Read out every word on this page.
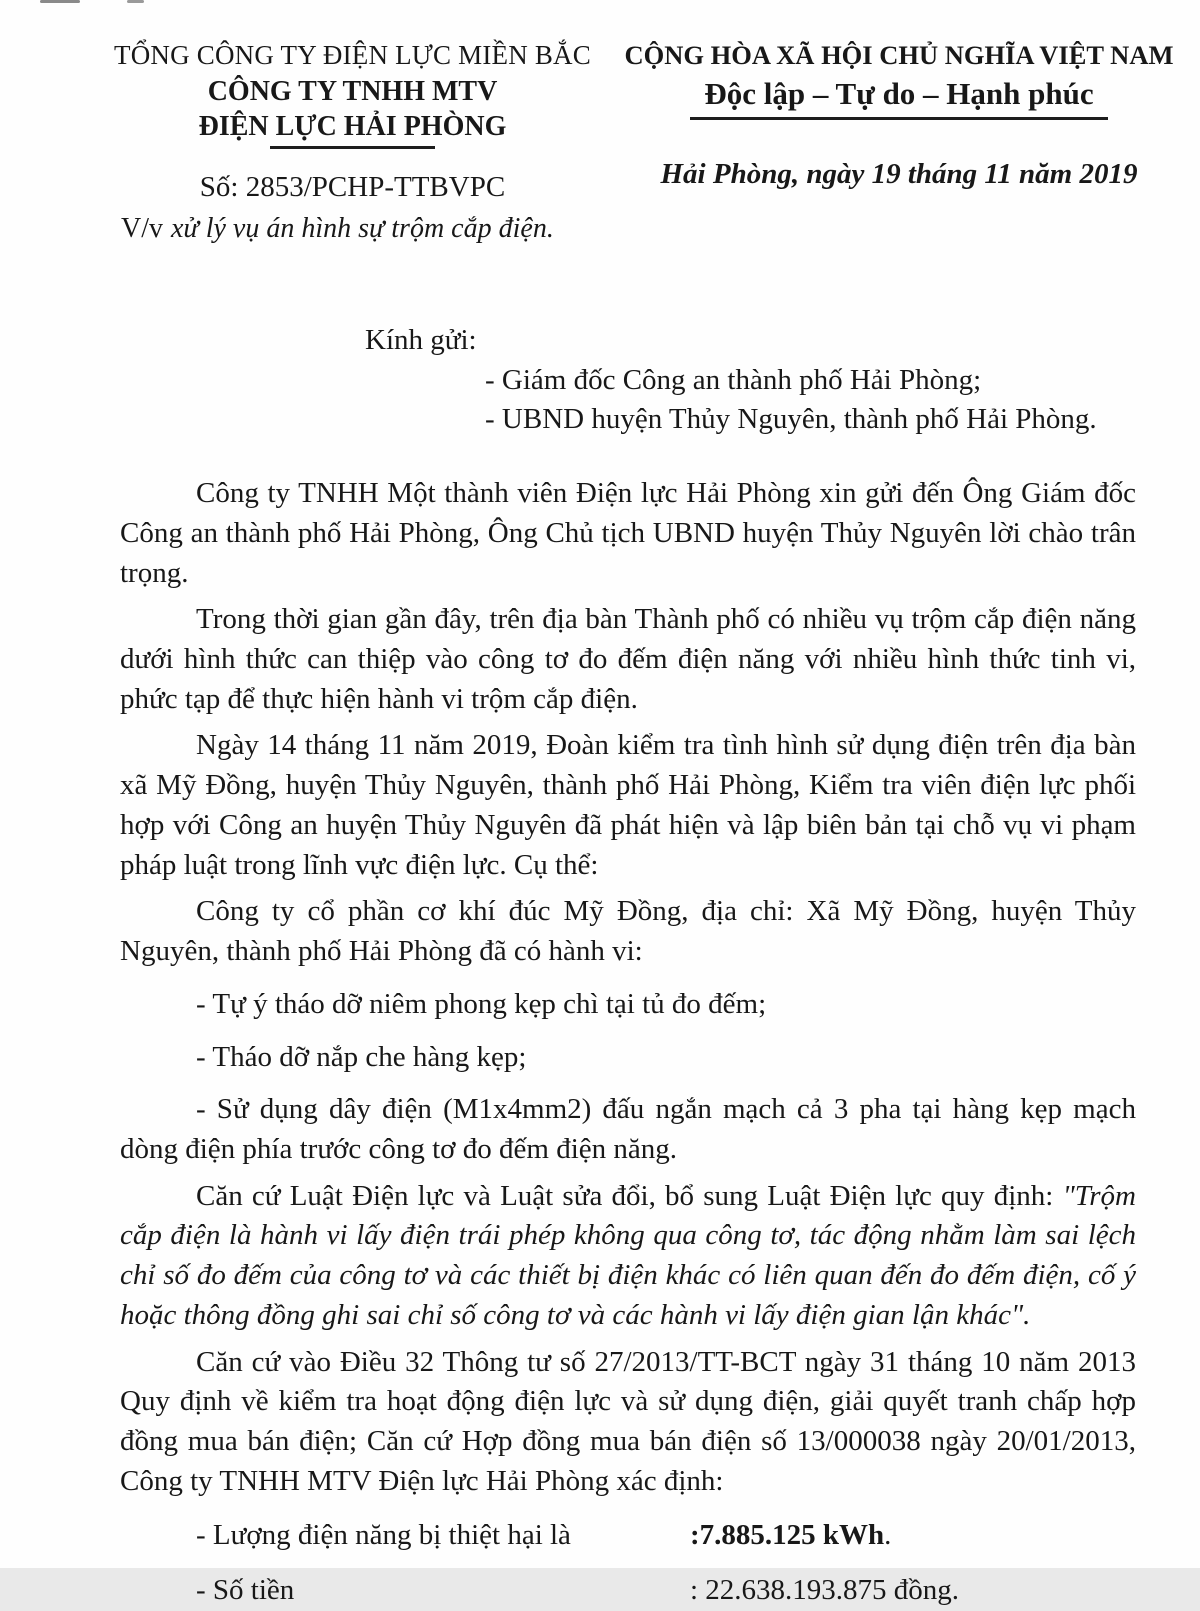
TỔNG CÔNG TY ĐIỆN LỰC MIỀN BẮC
CÔNG TY TNHH MTV
ĐIỆN LỰC HẢI PHÒNG
Số: 2853/PCHP-TTBVPC
V/v xử lý vụ án hình sự trộm cắp điện.
CỘNG HÒA XÃ HỘI CHỦ NGHĨA VIỆT NAM
Độc lập – Tự do – Hạnh phúc
Hải Phòng, ngày 19 tháng 11 năm 2019

Kính gửi:

- Giám đốc Công an thành phố Hải Phòng;

- UBND huyện Thủy Nguyên, thành phố Hải Phòng.

Công ty TNHH Một thành viên Điện lực Hải Phòng xin gửi đến Ông Giám đốc Công an thành phố Hải Phòng, Ông Chủ tịch UBND huyện Thủy Nguyên lời chào trân trọng.

Trong thời gian gần đây, trên địa bàn Thành phố có nhiều vụ trộm cắp điện năng dưới hình thức can thiệp vào công tơ đo đếm điện năng với nhiều hình thức tinh vi, phức tạp để thực hiện hành vi trộm cắp điện.

Ngày 14 tháng 11 năm 2019, Đoàn kiểm tra tình hình sử dụng điện trên địa bàn xã Mỹ Đồng, huyện Thủy Nguyên, thành phố Hải Phòng, Kiểm tra viên điện lực phối hợp với Công an huyện Thủy Nguyên đã phát hiện và lập biên bản tại chỗ vụ vi phạm pháp luật trong lĩnh vực điện lực. Cụ thể:

Công ty cổ phần cơ khí đúc Mỹ Đồng, địa chỉ: Xã Mỹ Đồng, huyện Thủy Nguyên, thành phố Hải Phòng đã có hành vi:

- Tự ý tháo dỡ niêm phong kẹp chì tại tủ đo đếm;

- Tháo dỡ nắp che hàng kẹp;

- Sử dụng dây điện (M1x4mm2) đấu ngắn mạch cả 3 pha tại hàng kẹp mạch dòng điện phía trước công tơ đo đếm điện năng.

Căn cứ Luật Điện lực và Luật sửa đổi, bổ sung Luật Điện lực quy định: "Trộm cắp điện là hành vi lấy điện trái phép không qua công tơ, tác động nhằm làm sai lệch chỉ số đo đếm của công tơ và các thiết bị điện khác có liên quan đến đo đếm điện, cố ý hoặc thông đồng ghi sai chỉ số công tơ và các hành vi lấy điện gian lận khác".

Căn cứ vào Điều 32 Thông tư số 27/2013/TT-BCT ngày 31 tháng 10 năm 2013 Quy định về kiểm tra hoạt động điện lực và sử dụng điện, giải quyết tranh chấp hợp đồng mua bán điện; Căn cứ Hợp đồng mua bán điện số 13/000038 ngày 20/01/2013, Công ty TNHH MTV Điện lực Hải Phòng xác định:

- Lượng điện năng bị thiệt hại là	:7.885.125 kWh.

- Số tiền	: 22.638.193.875 đồng.
